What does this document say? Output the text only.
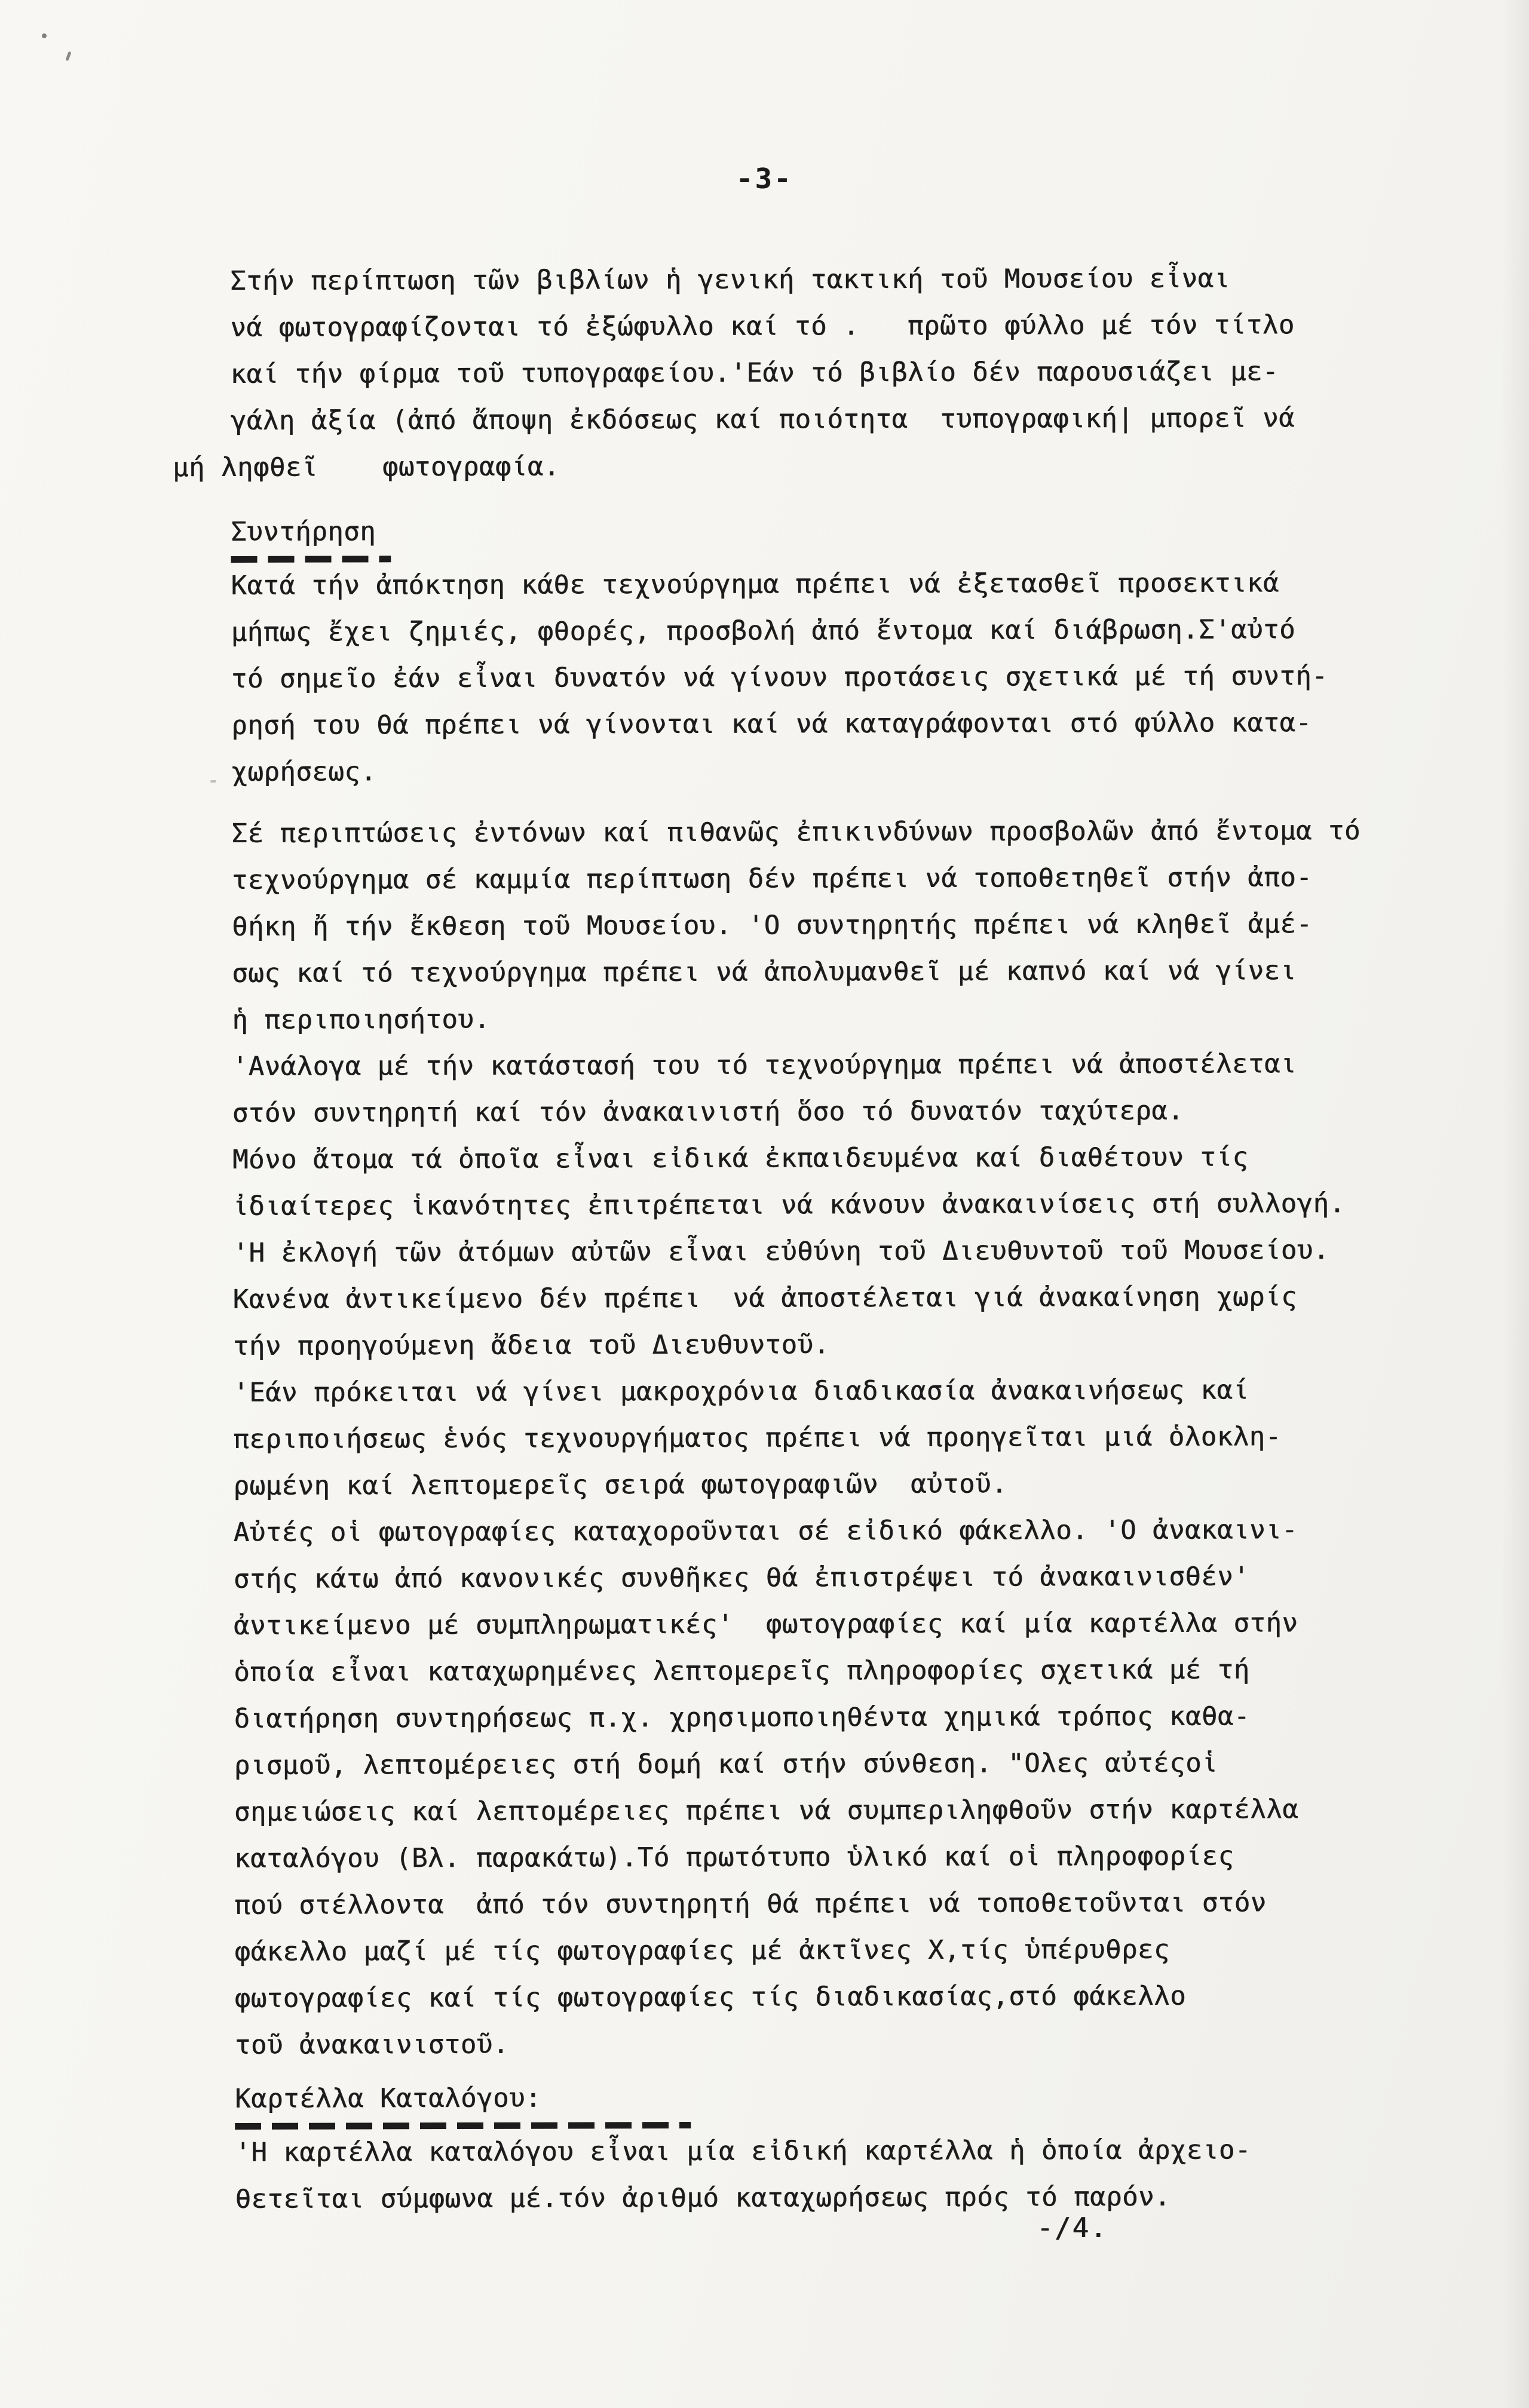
-3-
Στήν περίπτωση τῶν βιβλίων ἡ γενική τακτική τοῦ Μουσείου εἶναι
νά φωτογραφίζονται τό ἐξώφυλλο καί τό .   πρῶτο φύλλο μέ τόν τίτλο
καί τήν φίρμα τοῦ τυπογραφείου.'Εάν τό βιβλίο δέν παρουσιάζει με-
γάλη ἀξία (ἀπό ἄποψη ἐκδόσεως καί ποιότητα  τυπογραφική| μπορεῖ νά
μή ληφθεῖ    φωτογραφία.
Συντήρηση
Κατά τήν ἀπόκτηση κάθε τεχνούργημα πρέπει νά ἐξετασθεῖ προσεκτικά
μήπως ἔχει ζημιές, φθορές, προσβολή ἀπό ἔντομα καί διάβρωση.Σ'αὐτό
τό σημεῖο ἐάν εἶναι δυνατόν νά γίνουν προτάσεις σχετικά μέ τή συντή-
ρησή του θά πρέπει νά γίνονται καί νά καταγράφονται στό φύλλο κατα-
χωρήσεως.
Σέ περιπτώσεις ἐντόνων καί πιθανῶς ἐπικινδύνων προσβολῶν ἀπό ἔντομα τό
τεχνούργημα σέ καμμία περίπτωση δέν πρέπει νά τοποθετηθεῖ στήν ἀπο-
θήκη ἤ τήν ἔκθεση τοῦ Μουσείου. 'Ο συντηρητής πρέπει νά κληθεῖ ἀμέ-
σως καί τό τεχνούργημα πρέπει νά ἀπολυμανθεῖ μέ καπνό καί νά γίνει
ἡ περιποιησήτου.
'Ανάλογα μέ τήν κατάστασή του τό τεχνούργημα πρέπει νά ἀποστέλεται
στόν συντηρητή καί τόν ἀνακαινιστή ὅσο τό δυνατόν ταχύτερα.
Μόνο ἄτομα τά ὁποῖα εἶναι εἰδικά ἐκπαιδευμένα καί διαθέτουν τίς
ἰδιαίτερες ἱκανότητες ἐπιτρέπεται νά κάνουν ἀνακαινίσεις στή συλλογή.
'Η ἐκλογή τῶν ἀτόμων αὐτῶν εἶναι εὐθύνη τοῦ Διευθυντοῦ τοῦ Μουσείου.
Κανένα ἀντικείμενο δέν πρέπει  νά ἀποστέλεται γιά ἀνακαίνηση χωρίς
τήν προηγούμενη ἄδεια τοῦ Διευθυντοῦ.
'Εάν πρόκειται νά γίνει μακροχρόνια διαδικασία ἀνακαινήσεως καί
περιποιήσεως ἑνός τεχνουργήματος πρέπει νά προηγεῖται μιά ὁλοκλη-
ρωμένη καί λεπτομερεῖς σειρά φωτογραφιῶν  αὐτοῦ.
Αὐτές οἱ φωτογραφίες καταχοροῦνται σέ εἰδικό φάκελλο. 'Ο ἀνακαινι-
στής κάτω ἀπό κανονικές συνθῆκες θά ἐπιστρέψει τό ἀνακαινισθέν'
ἀντικείμενο μέ συμπληρωματικές'  φωτογραφίες καί μία καρτέλλα στήν
ὁποία εἶναι καταχωρημένες λεπτομερεῖς πληροφορίες σχετικά μέ τή
διατήρηση συντηρήσεως π.χ. χρησιμοποιηθέντα χημικά τρόπος καθα-
ρισμοῦ, λεπτομέρειες στή δομή καί στήν σύνθεση. "Ολες αὐτέςοἱ
σημειώσεις καί λεπτομέρειες πρέπει νά συμπεριληφθοῦν στήν καρτέλλα
καταλόγου (Βλ. παρακάτω).Τό πρωτότυπο ὑλικό καί οἱ πληροφορίες
πού στέλλοντα  ἀπό τόν συντηρητή θά πρέπει νά τοποθετοῦνται στόν
φάκελλο μαζί μέ τίς φωτογραφίες μέ ἀκτῖνες Χ,τίς ὑπέρυθρες
φωτογραφίες καί τίς φωτογραφίες τίς διαδικασίας,στό φάκελλο
τοῦ ἀνακαινιστοῦ.
Καρτέλλα Καταλόγου:
'Η καρτέλλα καταλόγου εἶναι μία εἰδική καρτέλλα ἡ ὁποία ἀρχειο-
θετεῖται σύμφωνα μέ.τόν ἀριθμό καταχωρήσεως πρός τό παρόν.
-/4.
